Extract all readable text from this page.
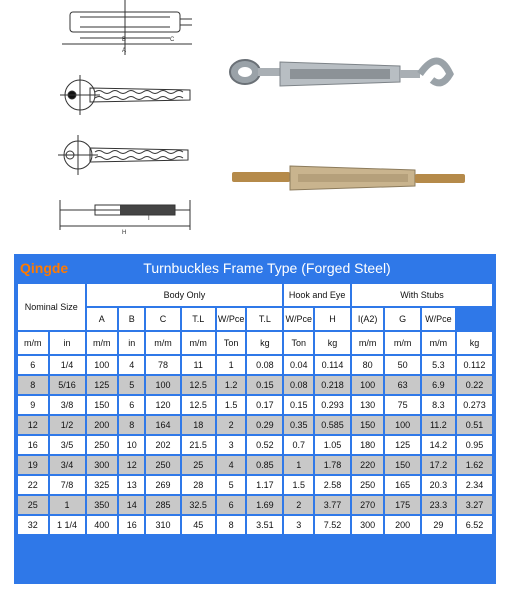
B	C
A
I
H
Qingde	Turnbuckles Frame Type (Forged Steel)
Nominal Size		Body Only						Hook and Eye		With Stubs			
		A	B	C	T.L	W/Pce	T.L	W/Pce	H	I(A2)	G	W/Pce	
m/m	in	m/m	in	m/m	m/m	Ton	kg	Ton	kg	m/m	m/m	m/m	kg
6	1/4	100	4	78	11	1	0.08	0.04	0.114	80	50	5.3	0.112
8	5/16	125	5	100	12.5	1.2	0.15	0.08	0.218	100	63	6.9	0.22
9	3/8	150	6	120	12.5	1.5	0.17	0.15	0.293	130	75	8.3	0.273
12	1/2	200	8	164	18	2	0.29	0.35	0.585	150	100	11.2	0.51
16	3/5	250	10	202	21.5	3	0.52	0.7	1.05	180	125	14.2	0.95
19	3/4	300	12	250	25	4	0.85	1	1.78	220	150	17.2	1.62
22	7/8	325	13	269	28	5	1.17	1.5	2.58	250	165	20.3	2.34
25	1	350	14	285	32.5	6	1.69	2	3.77	270	175	23.3	3.27
32	1 1/4	400	16	310	45	8	3.51	3	7.52	300	200	29	6.52
